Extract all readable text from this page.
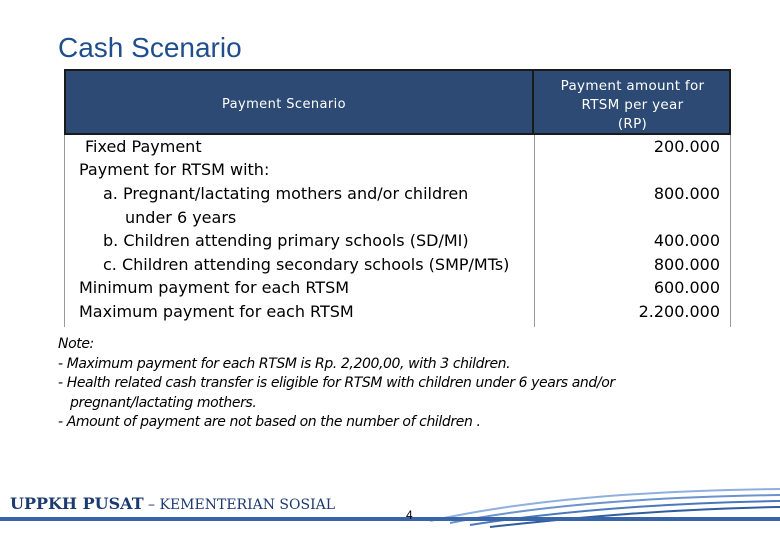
Cash Scenario
Payment Scenario
Payment amount for
RTSM per year
(RP)
Fixed Payment
Payment for RTSM with:
a. Pregnant/lactating mothers and/or children
under 6 years
b. Children attending primary schools (SD/MI)
c. Children attending secondary schools (SMP/MTs)
Minimum payment for each RTSM
Maximum payment for each RTSM
200.000
800.000
400.000
800.000
600.000
2.200.000
Note:
- Maximum payment for each RTSM is Rp. 2,200,00, with 3 children.
- Health related cash transfer is eligible for RTSM with children under 6 years and/or
pregnant/lactating mothers.
- Amount of payment are not based on the number of children .
UPPKH PUSAT – KEMENTERIAN SOSIAL
4
